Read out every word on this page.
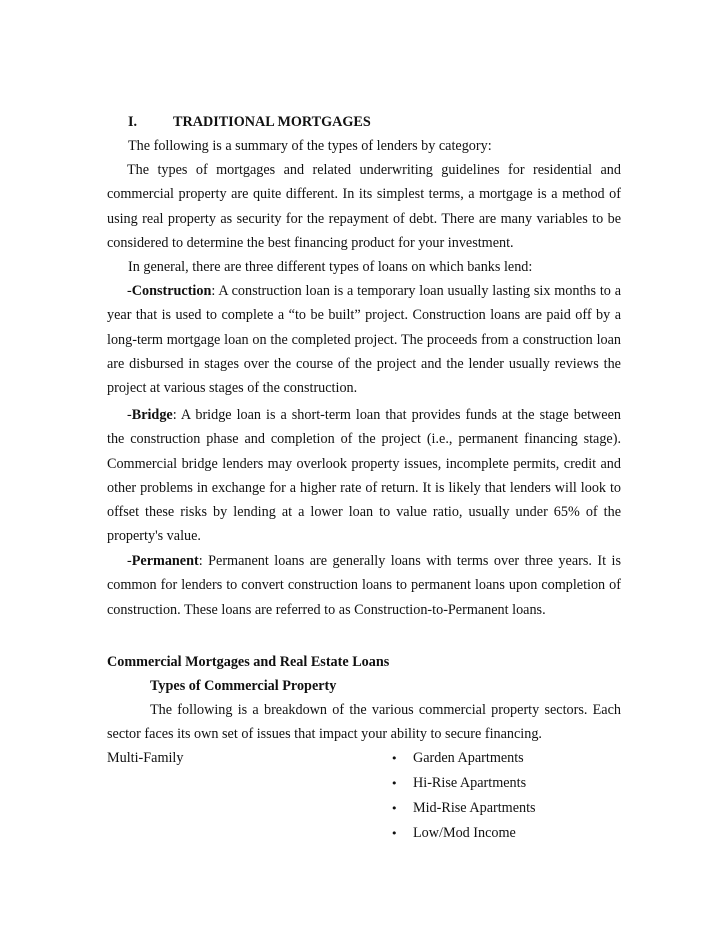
I.	TRADITIONAL MORTGAGES
The following is a summary of the types of lenders by category:

The types of mortgages and related underwriting guidelines for residential and commercial property are quite different. In its simplest terms, a mortgage is a method of using real property as security for the repayment of debt. There are many variables to be considered to determine the best financing product for your investment.

In general, there are three different types of loans on which banks lend:

-Construction: A construction loan is a temporary loan usually lasting six months to a year that is used to complete a “to be built” project. Construction loans are paid off by a long-term mortgage loan on the completed project. The proceeds from a construction loan are disbursed in stages over the course of the project and the lender usually reviews the project at various stages of the construction.

-Bridge: A bridge loan is a short-term loan that provides funds at the stage between the construction phase and completion of the project (i.e., permanent financing stage). Commercial bridge lenders may overlook property issues, incomplete permits, credit and other problems in exchange for a higher rate of return. It is likely that lenders will look to offset these risks by lending at a lower loan to value ratio, usually under 65% of the property's value.

-Permanent: Permanent loans are generally loans with terms over three years. It is common for lenders to convert construction loans to permanent loans upon completion of construction. These loans are referred to as Construction-to-Permanent loans.

Commercial Mortgages and Real Estate Loans
Types of Commercial Property

The following is a breakdown of the various commercial property sectors. Each sector faces its own set of issues that impact your ability to secure financing.

Multi-Family	• Garden Apartments
• Hi-Rise Apartments
• Mid-Rise Apartments
• Low/Mod Income
